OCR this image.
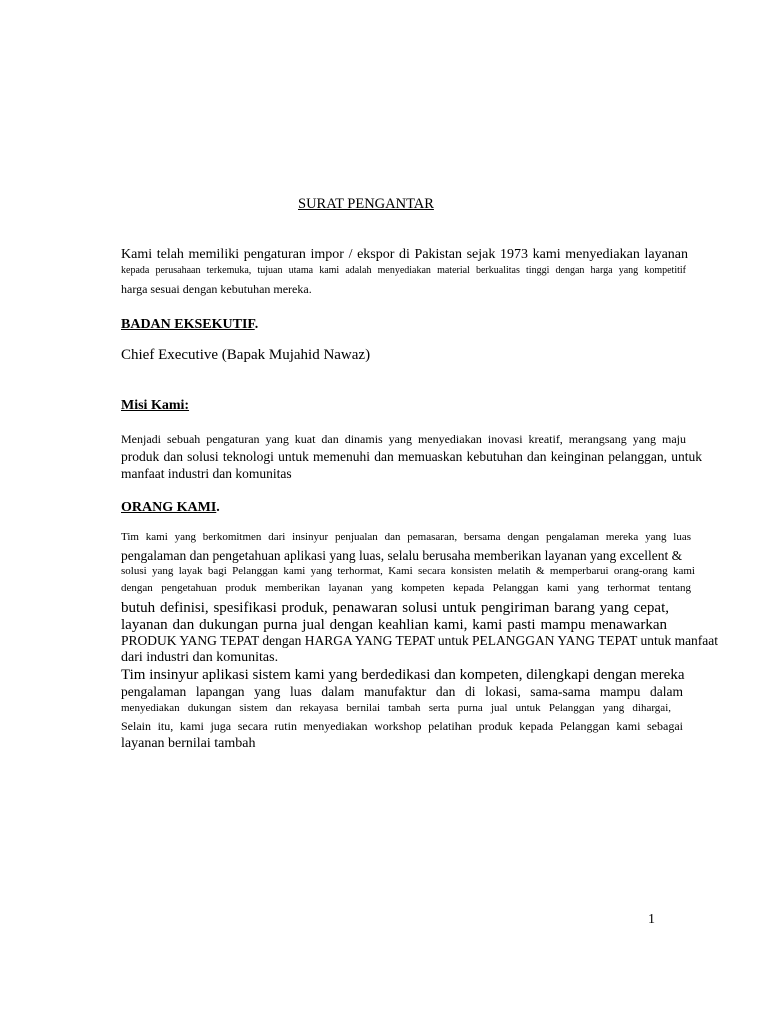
SURAT PENGANTAR
Kami telah memiliki pengaturan impor / ekspor di Pakistan sejak 1973 kami menyediakan layanan
kepada perusahaan terkemuka, tujuan utama kami adalah menyediakan material berkualitas tinggi dengan harga yang kompetitif
harga sesuai dengan kebutuhan mereka.
BADAN EKSEKUTIF.
Chief Executive (Bapak Mujahid Nawaz)
Misi Kami:
Menjadi sebuah pengaturan yang kuat dan dinamis yang menyediakan inovasi kreatif, merangsang yang maju
produk dan solusi teknologi untuk memenuhi dan memuaskan kebutuhan dan keinginan pelanggan, untuk
manfaat industri dan komunitas
ORANG KAMI.
Tim kami yang berkomitmen dari insinyur penjualan dan pemasaran, bersama dengan pengalaman mereka yang luas
pengalaman dan pengetahuan aplikasi yang luas, selalu berusaha memberikan layanan yang excellent &
solusi yang layak bagi Pelanggan kami yang terhormat, Kami secara konsisten melatih & memperbarui orang-orang kami
dengan pengetahuan produk memberikan layanan yang kompeten kepada Pelanggan kami yang terhormat tentang
butuh definisi, spesifikasi produk, penawaran solusi untuk pengiriman barang yang cepat,
layanan dan dukungan purna jual dengan keahlian kami, kami pasti mampu menawarkan
PRODUK YANG TEPAT dengan HARGA YANG TEPAT untuk PELANGGAN YANG TEPAT untuk manfaat
dari industri dan komunitas.
Tim insinyur aplikasi sistem kami yang berdedikasi dan kompeten, dilengkapi dengan mereka
pengalaman lapangan yang luas dalam manufaktur dan di lokasi, sama-sama mampu dalam
menyediakan dukungan sistem dan rekayasa bernilai tambah serta purna jual untuk Pelanggan yang dihargai,
Selain itu, kami juga secara rutin menyediakan workshop pelatihan produk kepada Pelanggan kami sebagai
layanan bernilai tambah
1
